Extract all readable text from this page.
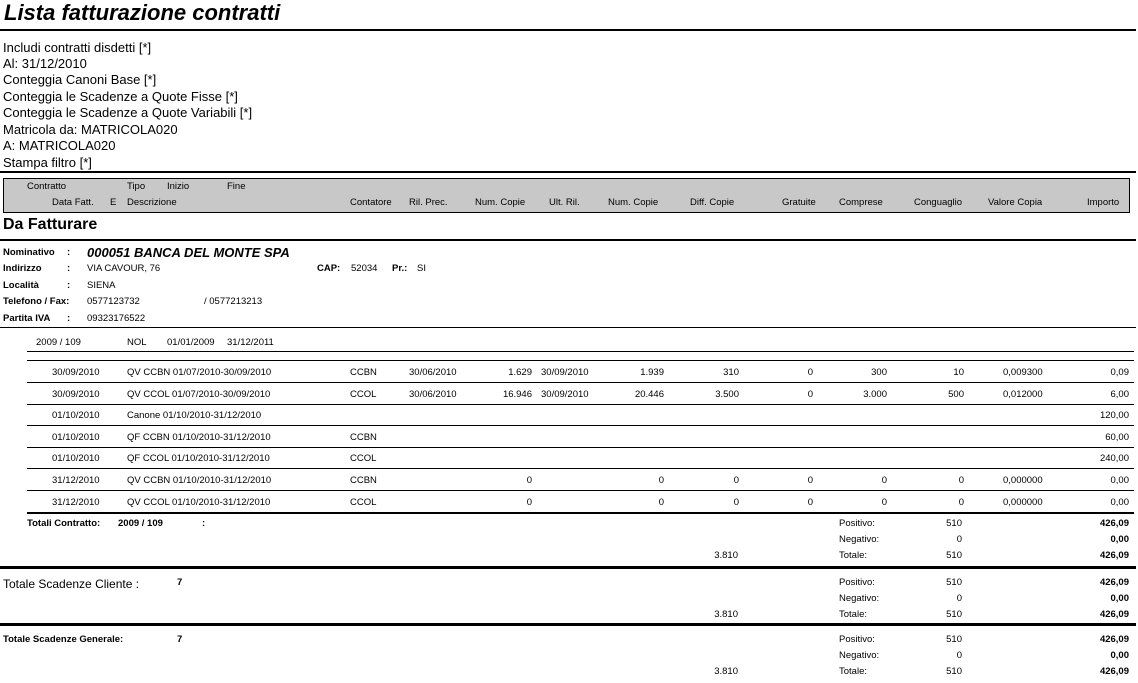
Lista fatturazione contratti
Includi contratti disdetti [*]
Al: 31/12/2010
Conteggia Canoni Base [*]
Conteggia le Scadenze a Quote Fisse [*]
Conteggia le Scadenze a Quote Variabili [*]
Matricola da: MATRICOLA020
A: MATRICOLA020
Stampa filtro [*]
Contratto	Tipo Inizio	Fine
Data Fatt. E Descrizione	Contatore Ril. Prec.	Num. Copie	Ult. Ril.	Num. Copie	Diff. Copie	Gratuite Comprese	Conguaglio	Valore Copia	Importo
Da Fatturare
Nominativo : 000051 BANCA DEL MONTE SPA
Indirizzo	: VIA CAVOUR, 76	CAP: 52034 Pr.: SI
Località	: SIENA
Telefono / Fax: 0577123732	/ 0577213213
Partita IVA : 09323176522
2009 / 109	NOL 01/01/2009 31/12/2011
30/09/2010	QV CCBN 01/07/2010-30/09/2010	CCBN	30/06/2010	1.629 30/09/2010	1.939	310	0	300	10	0,009300	0,09
30/09/2010	QV CCOL 01/07/2010-30/09/2010	CCOL	30/06/2010	16.946 30/09/2010	20.446	3.500	0	3.000	500	0,012000	6,00
01/10/2010	Canone 01/10/2010-31/12/2010	120,00
01/10/2010	QF CCBN 01/10/2010-31/12/2010	CCBN	60,00
01/10/2010	QF CCOL 01/10/2010-31/12/2010	CCOL	240,00
31/12/2010	QV CCBN 01/10/2010-31/12/2010	CCBN	0	0	0	0	0	0	0,000000	0,00
31/12/2010	QV CCOL 01/10/2010-31/12/2010	CCOL	0	0	0	0	0	0	0,000000	0,00
Totali Contratto: 2009 / 109	:	Positivo:	510	426,09
Negativo:	0	0,00
3.810	Totale:	510	426,09
Totale Scadenze Cliente :	7	Positivo:	510	426,09
Negativo:	0	0,00
3.810	Totale:	510	426,09
Totale Scadenze Generale:	7	Positivo:	510	426,09
Negativo:	0	0,00
3.810	Totale:	510	426,09
